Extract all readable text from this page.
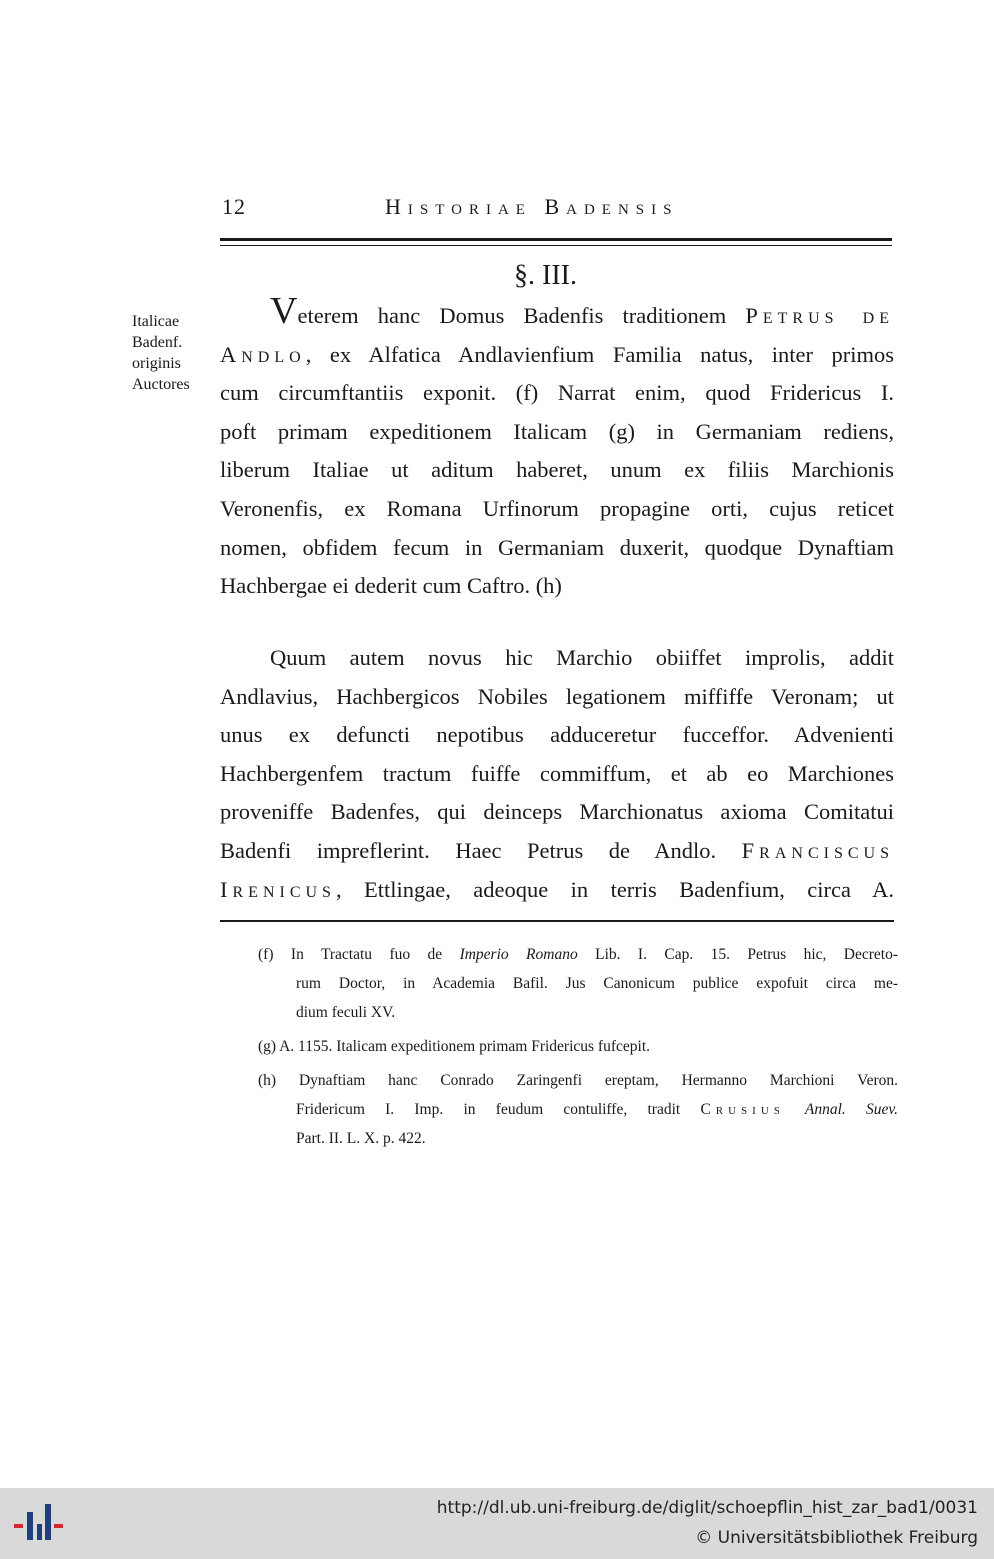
12	Historiae Badensis
§. III.
Italicae
Badenf.
originis
Auctores
Veterem hanc Domus Badenfis traditionem Petrus de
Andlo, ex Alfatica Andlavienfium Familia natus, inter primos
cum circumftantiis exponit. (f) Narrat enim, quod Fridericus I.
poft primam expeditionem Italicam (g) in Germaniam rediens,
liberum Italiae ut aditum haberet, unum ex filiis Marchionis
Veronenfis, ex Romana Urfinorum propagine orti, cujus reticet
nomen, obfidem fecum in Germaniam duxerit, quodque Dynaftiam
Hachbergae ei dederit cum Caftro. (h)
Quum autem novus hic Marchio obiiffet improlis, addit
Andlavius, Hachbergicos Nobiles legationem miffiffe Veronam; ut
unus ex defuncti nepotibus adduceretur fucceffor. Advenienti
Hachbergenfem tractum fuiffe commiffum, et ab eo Marchiones
proveniffe Badenfes, qui deinceps Marchionatus axioma Comitatui
Badenfi impreflerint. Haec Petrus de Andlo. Franciscus
Irenicus, Ettlingae, adeoque in terris Badenfium, circa A.
(f) In Tractatu fuo de Imperio Romano Lib. I. Cap. 15. Petrus hic, Decreto-
rum Doctor, in Academia Bafil. Jus Canonicum publice expofuit circa me-
dium feculi XV.
(g) A. 1155. Italicam expeditionem primam Fridericus fufcepit.
(h) Dynaftiam hanc Conrado Zaringenfi ereptam, Hermanno Marchioni Veron.
Fridericum I. Imp. in feudum contuliffe, tradit Crusius Annal. Suev.
Part. II. L. X. p. 422.
http://dl.ub.uni-freiburg.de/diglit/schoepflin_hist_zar_bad1/0031
© Universitätsbibliothek Freiburg
